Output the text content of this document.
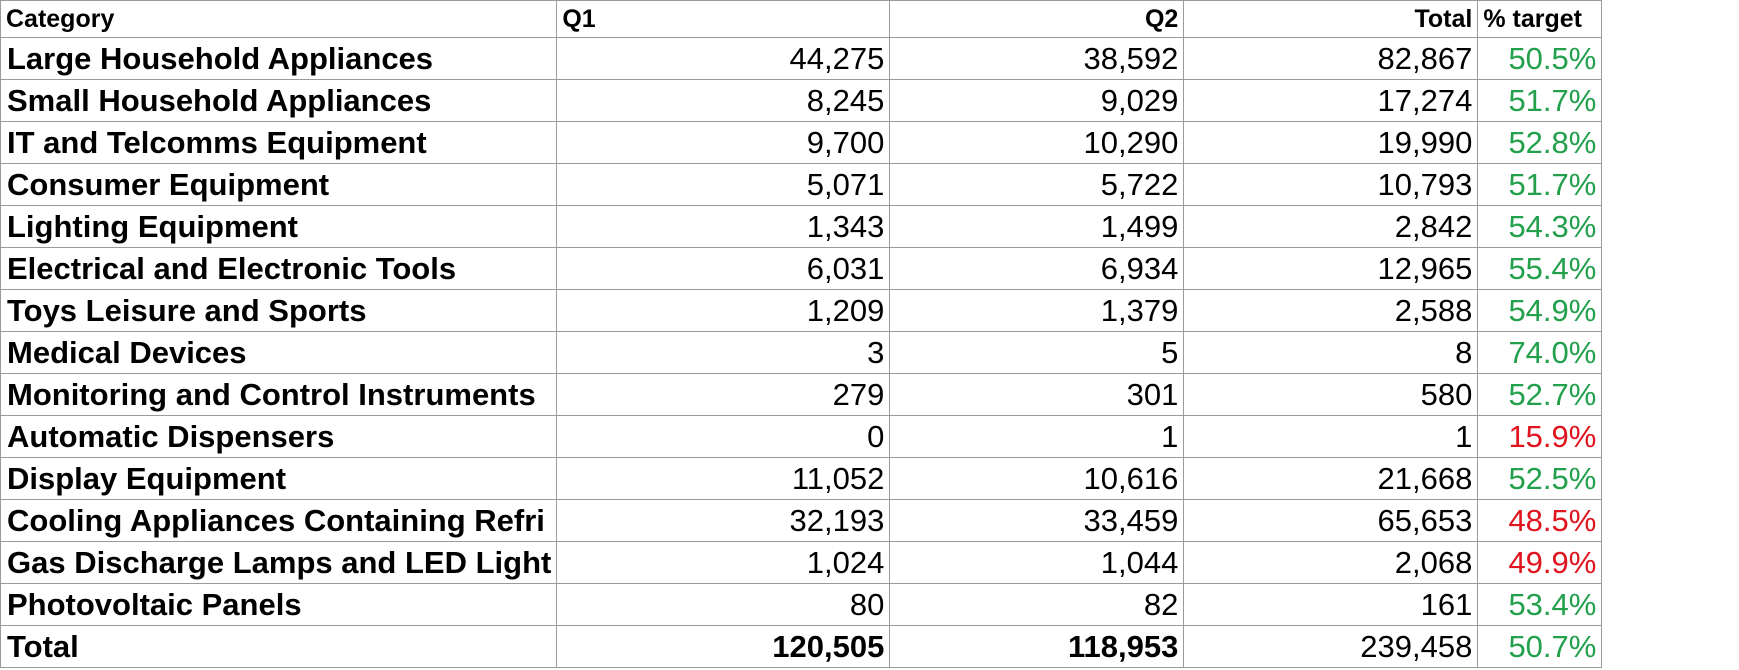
Category	Q1	Q2	Total	% target
Large Household Appliances	44,275	38,592	82,867	50.5%
Small Household Appliances	8,245	9,029	17,274	51.7%
IT and Telcomms Equipment	9,700	10,290	19,990	52.8%
Consumer Equipment	5,071	5,722	10,793	51.7%
Lighting Equipment	1,343	1,499	2,842	54.3%
Electrical and Electronic Tools	6,031	6,934	12,965	55.4%
Toys Leisure and Sports	1,209	1,379	2,588	54.9%
Medical Devices	3	5	8	74.0%
Monitoring and Control Instruments	279	301	580	52.7%
Automatic Dispensers	0	1	1	15.9%
Display Equipment	11,052	10,616	21,668	52.5%
Cooling Appliances Containing Refri	32,193	33,459	65,653	48.5%
Gas Discharge Lamps and LED Light	1,024	1,044	2,068	49.9%
Photovoltaic Panels	80	82	161	53.4%
Total	120,505	118,953	239,458	50.7%
